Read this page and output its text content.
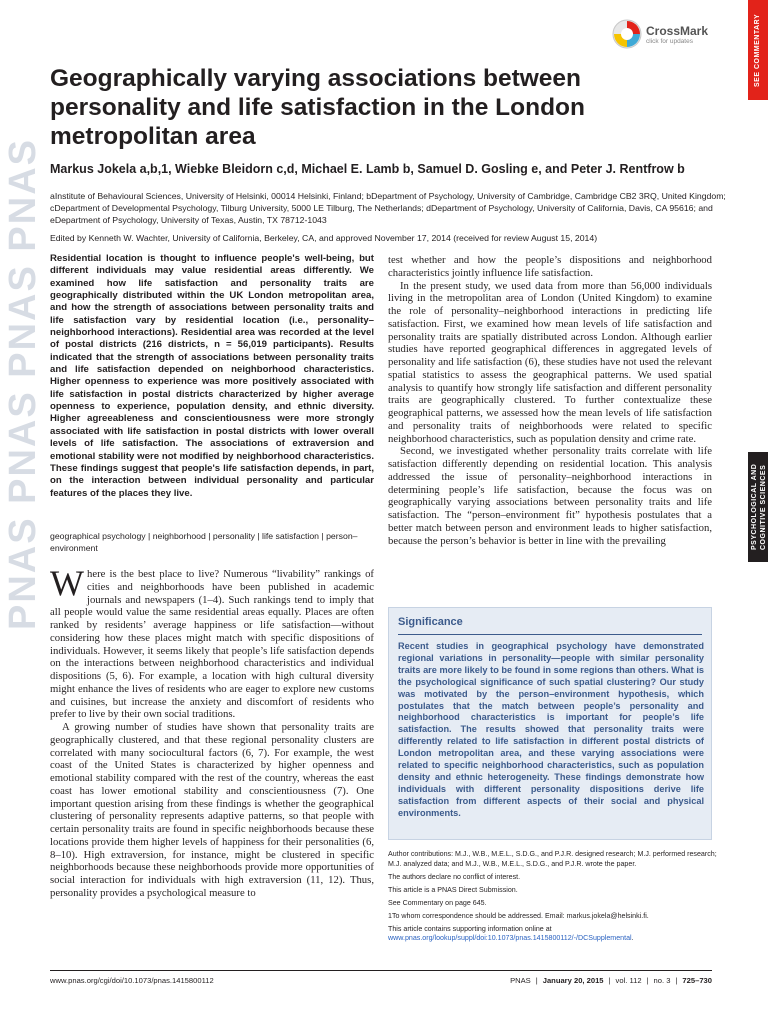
PNAS PNAS PNAS PNAS
SEE COMMENTARY
PSYCHOLOGICAL AND COGNITIVE SCIENCES
CrossMark
click for updates
Geographically varying associations between personality and life satisfaction in the London metropolitan area
Markus Jokela a,b,1, Wiebke Bleidorn c,d, Michael E. Lamb b, Samuel D. Gosling e, and Peter J. Rentfrow b
aInstitute of Behavioural Sciences, University of Helsinki, 00014 Helsinki, Finland; bDepartment of Psychology, University of Cambridge, Cambridge CB2 3RQ, United Kingdom; cDepartment of Developmental Psychology, Tilburg University, 5000 LE Tilburg, The Netherlands; dDepartment of Psychology, University of California, Davis, CA 95616; and eDepartment of Psychology, University of Texas, Austin, TX 78712-1043
Edited by Kenneth W. Wachter, University of California, Berkeley, CA, and approved November 17, 2014 (received for review August 15, 2014)
Residential location is thought to influence people's well-being, but different individuals may value residential areas differently. We examined how life satisfaction and personality traits are geographically distributed within the UK London metropolitan area, and how the strength of associations between personality traits and life satisfaction vary by residential location (i.e., personality–neighborhood interactions). Residential area was recorded at the level of postal districts (216 districts, n = 56,019 participants). Results indicated that the strength of associations between personality traits and life satisfaction depended on neighborhood characteristics. Higher openness to experience was more positively associated with life satisfaction in postal districts characterized by higher average openness to experience, population density, and ethnic diversity. Higher agreeableness and conscientiousness were more strongly associated with life satisfaction in postal districts with lower overall levels of life satisfaction. The associations of extraversion and emotional stability were not modified by neighborhood characteristics. These findings suggest that people's life satisfaction depends, in part, on the interaction between individual personality and particular features of the places they live.
geographical psychology | neighborhood | personality | life satisfaction | person–environment

Where is the best place to live? Numerous “livability” rankings of cities and neighborhoods have been published in academic journals and newspapers (1–4). Such rankings tend to imply that all people would value the same residential areas equally. Places are often ranked by residents’ average happiness or life satisfaction—without considering how these places might match with specific dispositions of individuals. However, it seems likely that people’s life satisfaction depends on the interactions between neighborhood characteristics and individual dispositions (5, 6). For example, a location with high cultural diversity might enhance the lives of residents who are eager to explore new customs and cuisines, but increase the anxiety and discomfort of residents who prefer to live by their own social traditions.

A growing number of studies have shown that personality traits are geographically clustered, and that these regional personality clusters are correlated with many sociocultural factors (6, 7). For example, the west coast of the United States is characterized by higher openness and emotional stability compared with the rest of the country, whereas the east coast has lower emotional stability and conscientiousness (7). One important question arising from these findings is whether the geographical clustering of personality represents adaptive patterns, so that people with certain personality traits are found in specific neighborhoods because these locations provide them higher levels of happiness for their personalities (6, 8–10). High extraversion, for instance, might be clustered in specific neighborhoods because these neighborhoods provide more opportunities of social interaction for individuals with high extraversion (11, 12). Thus, personality provides a psychological measure to

test whether and how the people’s dispositions and neighborhood characteristics jointly influence life satisfaction.

In the present study, we used data from more than 56,000 individuals living in the metropolitan area of London (United Kingdom) to examine the role of personality–neighborhood interactions in predicting life satisfaction. First, we examined how mean levels of life satisfaction and personality traits are spatially distributed across London. Although earlier studies have reported geographical differences in aggregated levels of personality and life satisfaction (6), these studies have not used the relevant spatial statistics to assess the geographical patterns. We used spatial analysis to quantify how strongly life satisfaction and different personality traits are geographically clustered. To further contextualize these geographical patterns, we assessed how the mean levels of life satisfaction and personality traits of neighborhoods were related to specific neighborhood characteristics, such as population density and crime rate.

Second, we investigated whether personality traits correlate with life satisfaction differently depending on residential location. This analysis addressed the issue of personality–neighborhood interactions in determining people’s life satisfaction, because the focus was on geographically varying associations between personality traits and life satisfaction. The “person–environment fit” hypothesis postulates that a better match between person and environment leads to higher satisfaction, because the person’s behavior is better in line with the prevailing

Significance
Recent studies in geographical psychology have demonstrated regional variations in personality—people with similar personality traits are more likely to be found in some regions than others. What is the psychological significance of such spatial clustering? Our study was motivated by the person–environment hypothesis, which postulates that the match between people’s personality and neighborhood characteristics is important for people’s life satisfaction. The results showed that personality traits were differently related to life satisfaction in different postal districts of London metropolitan area, and these varying associations were related to specific neighborhood characteristics, such as population density and ethnic heterogeneity. These findings demonstrate how individuals with different personality dispositions derive life satisfaction from different aspects of their social and physical environments.

Author contributions: M.J., W.B., M.E.L., S.D.G., and P.J.R. designed research; M.J. performed research; M.J. analyzed data; and M.J., W.B., M.E.L., S.D.G., and P.J.R. wrote the paper.

The authors declare no conflict of interest.

This article is a PNAS Direct Submission.

See Commentary on page 645.

1To whom correspondence should be addressed. Email: markus.jokela@helsinki.fi.

This article contains supporting information online at www.pnas.org/lookup/suppl/doi:10.1073/pnas.1415800112/-/DCSupplemental.

www.pnas.org/cgi/doi/10.1073/pnas.1415800112	PNAS | January 20, 2015 | vol. 112 | no. 3 | 725–730
